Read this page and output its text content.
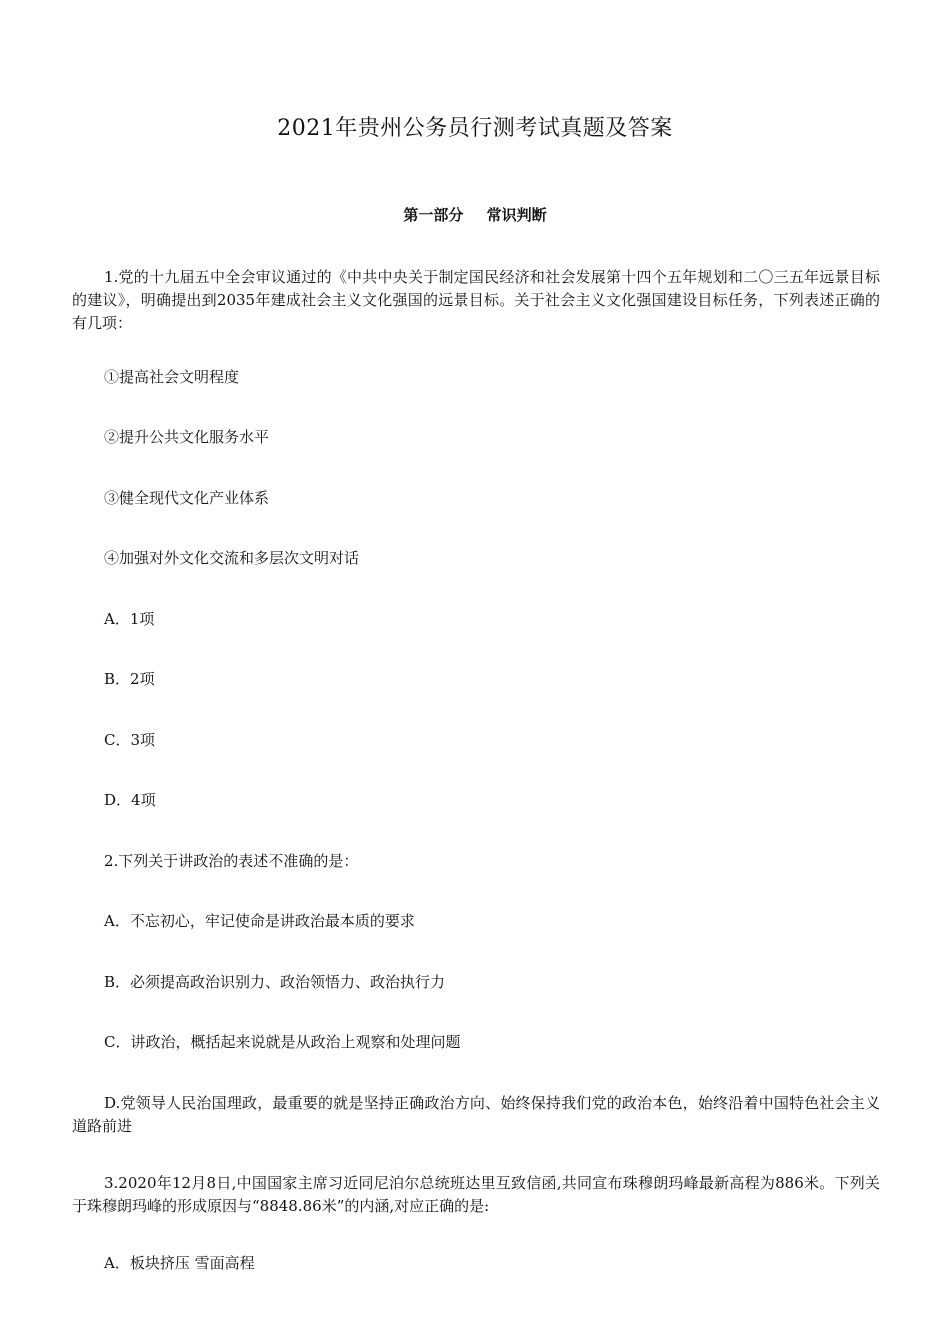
2021年贵州公务员行测考试真题及答案
第一部分 常识判断

1.党的十九届五中全会审议通过的《中共中央关于制定国民经济和社会发展第十四个五年规划和二〇三五年远景目标的建议》，明确提出到2035年建成社会主义文化强国的远景目标。关于社会主义文化强国建设目标任务，下列表述正确的有几项：

①提高社会文明程度

②提升公共文化服务水平

③健全现代文化产业体系

④加强对外文化交流和多层次文明对话

A．1项

B．2项

C．3项

D．4项

2.下列关于讲政治的表述不准确的是：

A．不忘初心，牢记使命是讲政治最本质的要求

B．必须提高政治识别力、政治领悟力、政治执行力

C．讲政治，概括起来说就是从政治上观察和处理问题

D.党领导人民治国理政，最重要的就是坚持正确政治方向、始终保持我们党的政治本色，始终沿着中国特色社会主义道路前进

3.2020年12月8日,中国国家主席习近同尼泊尔总统班达里互致信函,共同宣布珠穆朗玛峰最新高程为886米。下列关于珠穆朗玛峰的形成原因与“8848.86米”的内涵,对应正确的是:

A．板块挤压 雪面高程
